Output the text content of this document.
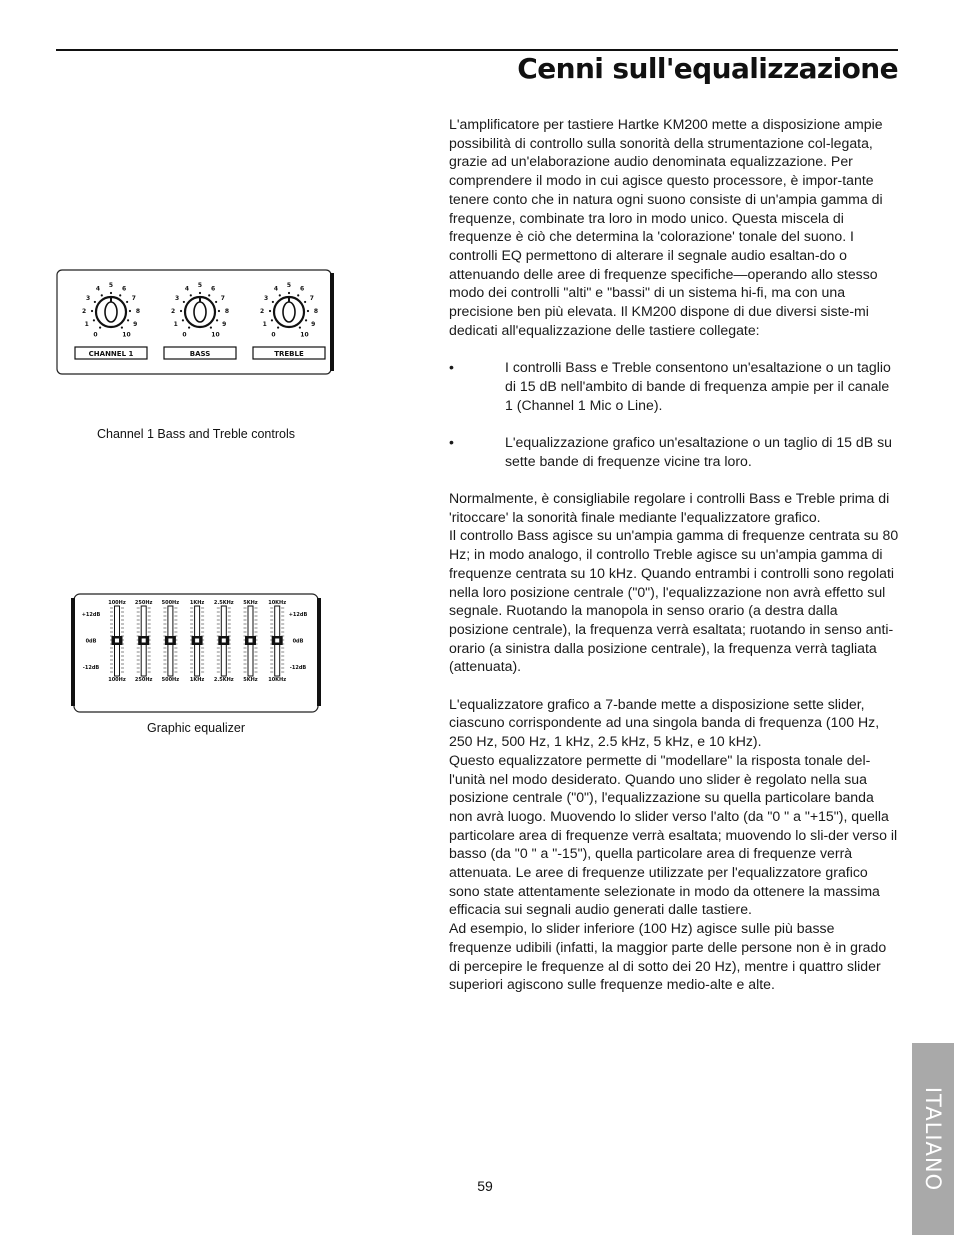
Cenni sull'equalizzazione

L'amplificatore per tastiere Hartke KM200 mette a disposizione ampie possibilità di controllo sulla sonorità della strumentazione col-legata, grazie ad un'elaborazione audio denominata equalizzazione. Per comprendere il modo in cui agisce questo processore, è impor-tante tenere conto che in natura ogni suono consiste di un'ampia gamma di frequenze, combinate tra loro in modo unico. Questa miscela di frequenze è ciò che determina la 'colorazione' tonale del suono. I controlli EQ permettono di alterare il segnale audio esaltan-do o attenuando delle aree di frequenze specifiche—operando allo stesso modo dei controlli "alti" e "bassi" di un sistema hi-fi, ma con una precisione ben più elevata. Il KM200 dispone di due diversi siste-mi dedicati all'equalizzazione delle tastiere collegate:

•	I controlli Bass e Treble consentono un'esaltazione o un taglio di 15 dB nell'ambito di bande di frequenza ampie per il canale 1 (Channel 1 Mic o Line).
•	L'equalizzazione grafico un'esaltazione o un taglio di 15 dB su sette bande di frequenze vicine tra loro.

Normalmente, è consigliabile regolare i controlli Bass e Treble prima di 'ritoccare' la sonorità finale mediante l'equalizzatore grafico.

Il controllo Bass agisce su un'ampia gamma di frequenze centrata su 80 Hz; in modo analogo, il controllo Treble agisce su un'ampia gamma di frequenze centrata su 10 kHz. Quando entrambi i controlli sono regolati nella loro posizione centrale ("0"), l'equalizzazione non avrà effetto sul segnale. Ruotando la manopola in senso orario (a destra dalla posizione centrale), la frequenza verrà esaltata; ruotando in senso anti-orario (a sinistra dalla posizione centrale), la frequenza verrà tagliata (attenuata).

L'equalizzatore grafico a 7-bande mette a disposizione sette slider, ciascuno corrispondente ad una singola banda di frequenza (100 Hz, 250 Hz, 500 Hz, 1 kHz, 2.5 kHz, 5 kHz, e 10 kHz).

Questo equalizzatore permette di "modellare" la risposta tonale del-l'unità nel modo desiderato. Quando uno slider è regolato nella sua posizione centrale ("0"), l'equalizzazione su quella particolare banda non avrà luogo. Muovendo lo slider verso l'alto (da "0 " a "+15"), quella particolare area di frequenze verrà esaltata; muovendo lo sli-der verso il basso (da "0 " a "-15"), quella particolare area di frequenze verrà attenuata. Le aree di frequenze utilizzate per l'equalizzatore grafico sono state attentamente selezionate in modo da ottenere la massima efficacia sui segnali audio generati dalle tastiere.

Ad esempio, lo slider inferiore (100 Hz) agisce sulle più basse frequenze udibili (infatti, la maggior parte delle persone non è in grado di percepire le frequenze al di sotto dei 20 Hz), mentre i quattro slider superiori agiscono sulle frequenze medio-alte e alte.

0
1
2
3
4 5 6
7
8
9
10
CHANNEL 1
0
1
2
3
4 5 6
7
8
9
10
BASS
0
1
2
3
4 5 6
7
8
9
10
TREBLE
Channel 1 Bass and Treble controls
+12dB
0dB
-12dB
+12dB
0dB
-12dB
100Hz
100Hz
250Hz
250Hz
500Hz
500Hz
1KHz
1KHz
2.5KHz
2.5KHz
5KHz
5KHz
10KHz
10KHz
Graphic equalizer
ITALIANO
59
